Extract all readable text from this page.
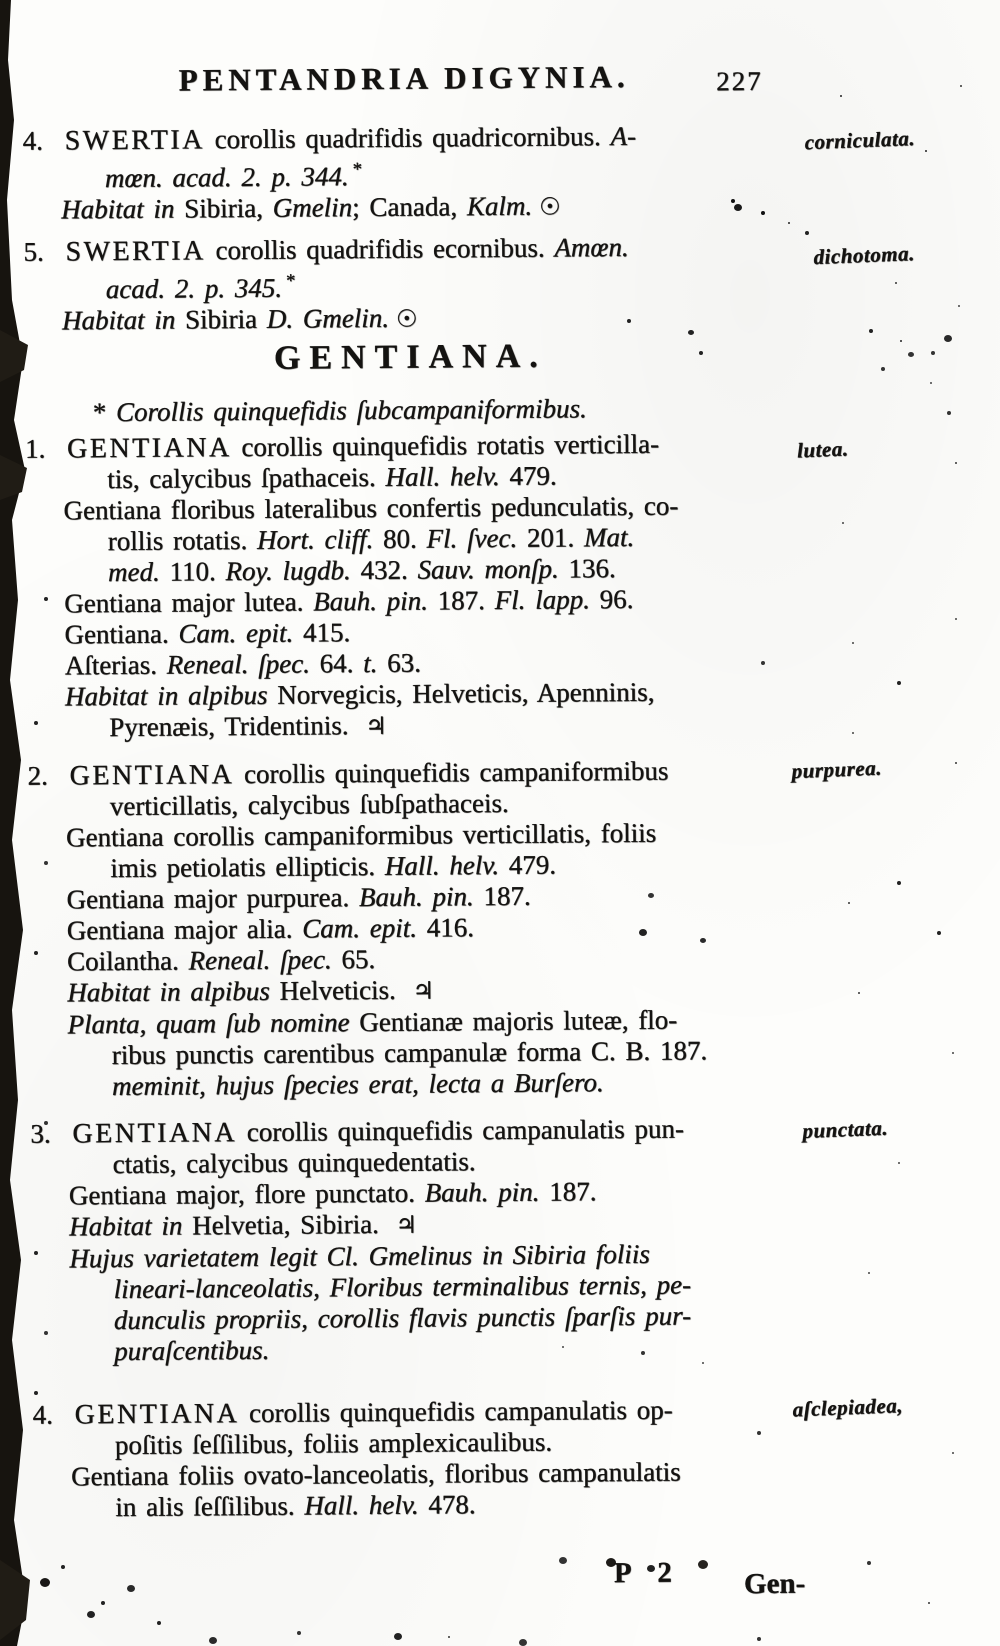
PENTANDRIA DIGYNIA.	227
4. SWERTIA corollis quadrifidis quadricornibus. A-
mœn. acad. 2. p. 344. *
Habitat in Sibiria, Gmelin; Canada, Kalm. ☉
5. SWERTIA corollis quadrifidis ecornibus. Amœn.
acad. 2. p. 345. *
Habitat in Sibiria D. Gmelin. ☉
GENTIANA.
* Corollis quinquefidis ſubcampaniformibus.
1. GENTIANA corollis quinquefidis rotatis verticilla-
tis, calycibus ſpathaceis. Hall. helv. 479.
Gentiana floribus lateralibus confertis pedunculatis, co-
rollis rotatis. Hort. cliff. 80. Fl. ſvec. 201. Mat.
med. 110. Roy. lugdb. 432. Sauv. monſp. 136.
Gentiana major lutea. Bauh. pin. 187. Fl. lapp. 96.
Gentiana. Cam. epit. 415.
Aſterias. Reneal. ſpec. 64. t. 63.
Habitat in alpibus Norvegicis, Helveticis, Apenninis,
Pyrenæis, Tridentinis. ♃
2. GENTIANA corollis quinquefidis campaniformibus
verticillatis, calycibus ſubſpathaceis.
Gentiana corollis campaniformibus verticillatis, foliis
imis petiolatis ellipticis. Hall. helv. 479.
Gentiana major purpurea. Bauh. pin. 187.
Gentiana major alia. Cam. epit. 416.
Coilantha. Reneal. ſpec. 65.
Habitat in alpibus Helveticis. ♃
Planta, quam ſub nomine Gentianæ majoris luteæ, flo-
ribus punctis carentibus campanulæ forma C. B. 187.
meminit, hujus ſpecies erat, lecta a Burſero.
3. GENTIANA corollis quinquefidis campanulatis pun-
ctatis, calycibus quinquedentatis.
Gentiana major, flore punctato. Bauh. pin. 187.
Habitat in Helvetia, Sibiria. ♃
Hujus varietatem legit Cl. Gmelinus in Sibiria foliis
lineari-lanceolatis, Floribus terminalibus ternis, pe-
dunculis propriis, corollis flavis punctis ſparſis pur-
puraſcentibus.
4. GENTIANA corollis quinquefidis campanulatis op-
poſitis ſeſſilibus, foliis amplexicaulibus.
Gentiana foliis ovato-lanceolatis, floribus campanulatis
in alis ſeſſilibus. Hall. helv. 478.
corniculata.
dichotoma.
lutea.
purpurea.
punctata.
aſclepiadea,
P 2 Gen-
